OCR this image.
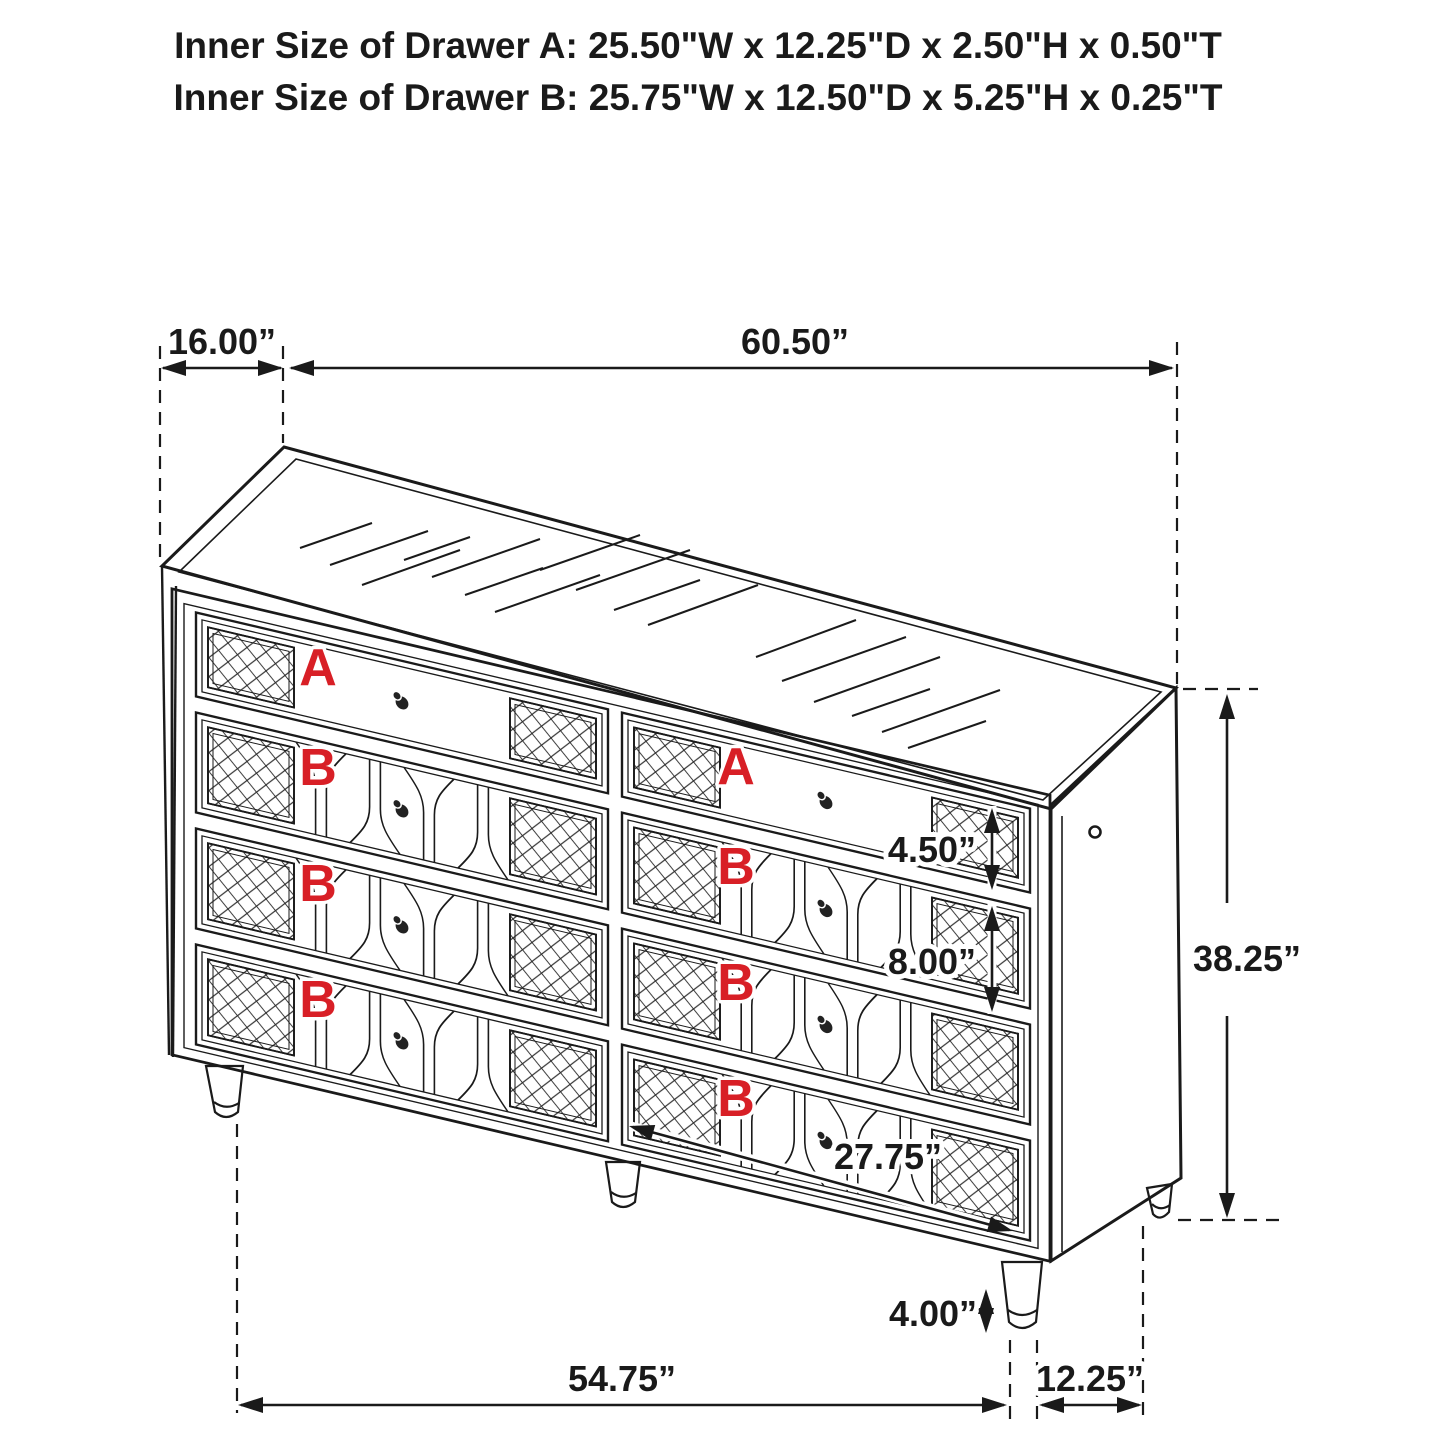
Inner Size of Drawer A: 25.50"W x 12.25"D x 2.50"H x 0.50"T
Inner Size of Drawer B: 25.75"W x 12.50"D x 5.25"H x 0.25"T
A
B
B
B
A
B
B
B
16.00”	60.50”
38.25”
4.50”
8.00”
27.75”
4.00”
54.75”	12.25”
